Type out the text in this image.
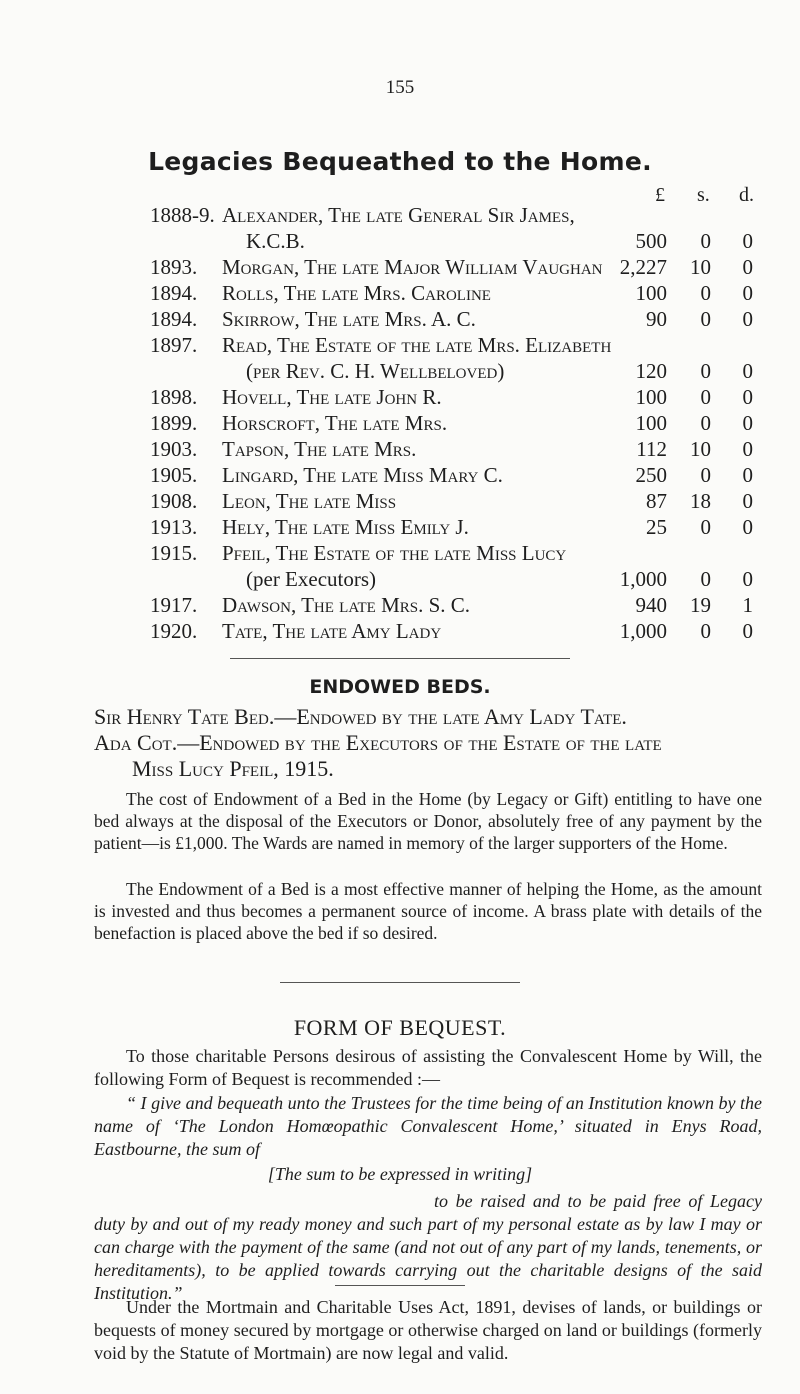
155
Legacies Bequeathed to the Home.
£ s. d.
1888-9. Alexander, The late General Sir James,
K.C.B.	500 0 0
1893. Morgan, The late Major William Vaughan 2,227 10 0
1894. Rolls, The late Mrs. Caroline	100 0 0
1894. Skirrow, The late Mrs. A. C.	90 0 0
1897. Read, The Estate of the late Mrs. Elizabeth
(per Rev. C. H. Wellbeloved)	120 0 0
1898. Hovell, The late John R.	100 0 0
1899. Horscroft, The late Mrs.	100 0 0
1903. Tapson, The late Mrs.	112 10 0
1905. Lingard, The late Miss Mary C.	250 0 0
1908. Leon, The late Miss	87 18 0
1913. Hely, The late Miss Emily J.	25 0 0
1915. Pfeil, The Estate of the late Miss Lucy
(per Executors)	1,000 0 0
1917. Dawson, The late Mrs. S. C.	940 19 1
1920. Tate, The late Amy Lady	1,000 0 0
ENDOWED BEDS.
Sir Henry Tate Bed.—Endowed by the late Amy Lady Tate.
Ada Cot.—Endowed by the Executors of the Estate of the late
Miss Lucy Pfeil, 1915.

The cost of Endowment of a Bed in the Home (by Legacy or Gift) entitling to have one bed always at the disposal of the Executors or Donor, absolutely free of any payment by the patient—is £1,000. The Wards are named in memory of the larger supporters of the Home.

The Endowment of a Bed is a most effective manner of helping the Home, as the amount is invested and thus becomes a permanent source of income. A brass plate with details of the benefaction is placed above the bed if so desired.

FORM OF BEQUEST.

To those charitable Persons desirous of assisting the Convalescent Home by Will, the following Form of Bequest is recommended :—

“ I give and bequeath unto the Trustees for the time being of an Institution known by the name of ‘The London Homœopathic Convalescent Home,’ situated in Enys Road, Eastbourne, the sum of

[The sum to be expressed in writing]

to be raised and to be paid free of Legacy duty by and out of my ready money and such part of my personal estate as by law I may or can charge with the payment of the same (and not out of any part of my lands, tenements, or hereditaments), to be applied towards carrying out the charitable designs of the said Institution.”

Under the Mortmain and Charitable Uses Act, 1891, devises of lands, or buildings or bequests of money secured by mortgage or otherwise charged on land or buildings (formerly void by the Statute of Mortmain) are now legal and valid.
